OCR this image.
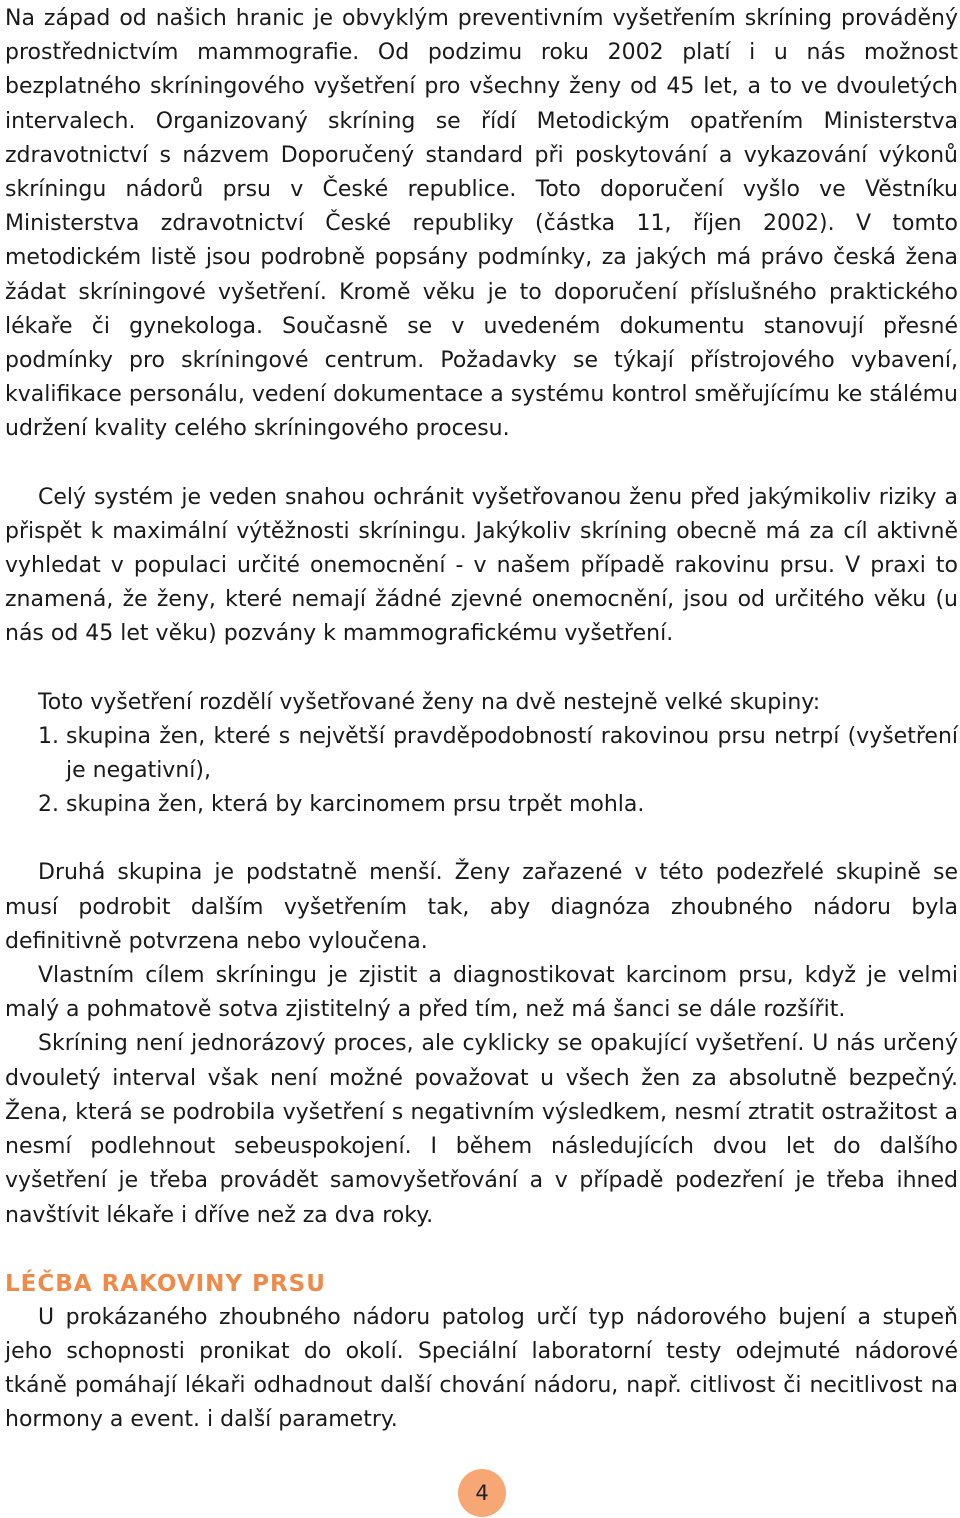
Na západ od našich hranic je obvyklým preventivním vyšetřením skríning prováděný prostřednictvím mammografie. Od podzimu roku 2002 platí i u nás možnost bezplatného skríningového vyšetření pro všechny ženy od 45 let, a to ve dvouletých intervalech. Organizovaný skríning se řídí Metodickým opatřením Ministerstva zdravotnictví s názvem Doporučený standard při poskytování a vykazování výkonů skríningu nádorů prsu v České republice. Toto doporučení vyšlo ve Věstníku Ministerstva zdravotnictví České republiky (částka 11, říjen 2002). V tomto metodickém listě jsou podrobně popsány podmínky, za jakých má právo česká žena žádat skríningové vyšetření. Kromě věku je to doporučení příslušného praktického lékaře či gynekologa. Současně se v uvedeném dokumentu stanovují přesné podmínky pro skríningové centrum. Požadavky se týkají přístrojového vybavení, kvalifikace personálu, vedení dokumentace a systému kontrol směřujícímu ke stálému udržení kvality celého skríningového procesu.

Celý systém je veden snahou ochránit vyšetřovanou ženu před jakýmikoliv riziky a přispět k maximální výtěžnosti skríningu. Jakýkoliv skríning obecně má za cíl aktivně vyhledat v populaci určité onemocnění - v našem případě rakovinu prsu. V praxi to znamená, že ženy, které nemají žádné zjevné onemocnění, jsou od určitého věku (u nás od 45 let věku) pozvány k mammografickému vyšetření.

Toto vyšetření rozdělí vyšetřované ženy na dvě nestejně velké skupiny:

1. skupina žen, které s největší pravděpodobností rakovinou prsu netrpí (vyšetření je negativní),

2. skupina žen, která by karcinomem prsu trpět mohla.

Druhá skupina je podstatně menší. Ženy zařazené v této podezřelé skupině se musí podrobit dalším vyšetřením tak, aby diagnóza zhoubného nádoru byla definitivně potvrzena nebo vyloučena.

Vlastním cílem skríningu je zjistit a diagnostikovat karcinom prsu, když je velmi malý a pohmatově sotva zjistitelný a před tím, než má šanci se dále rozšířit.

Skríning není jednorázový proces, ale cyklicky se opakující vyšetření. U nás určený dvouletý interval však není možné považovat u všech žen za absolutně bezpečný. Žena, která se podrobila vyšetření s negativním výsledkem, nesmí ztratit ostražitost a nesmí podlehnout sebeuspokojení. I během následujících dvou let do dalšího vyšetření je třeba provádět samovyšetřování a v případě podezření je třeba ihned navštívit lékaře i dříve než za dva roky.

LÉČBA RAKOVINY PRSU

U prokázaného zhoubného nádoru patolog určí typ nádorového bujení a stupeň jeho schopnosti pronikat do okolí. Speciální laboratorní testy odejmuté nádorové tkáně pomáhají lékaři odhadnout další chování nádoru, např. citlivost či necitlivost na hormony a event. i další parametry.

4
